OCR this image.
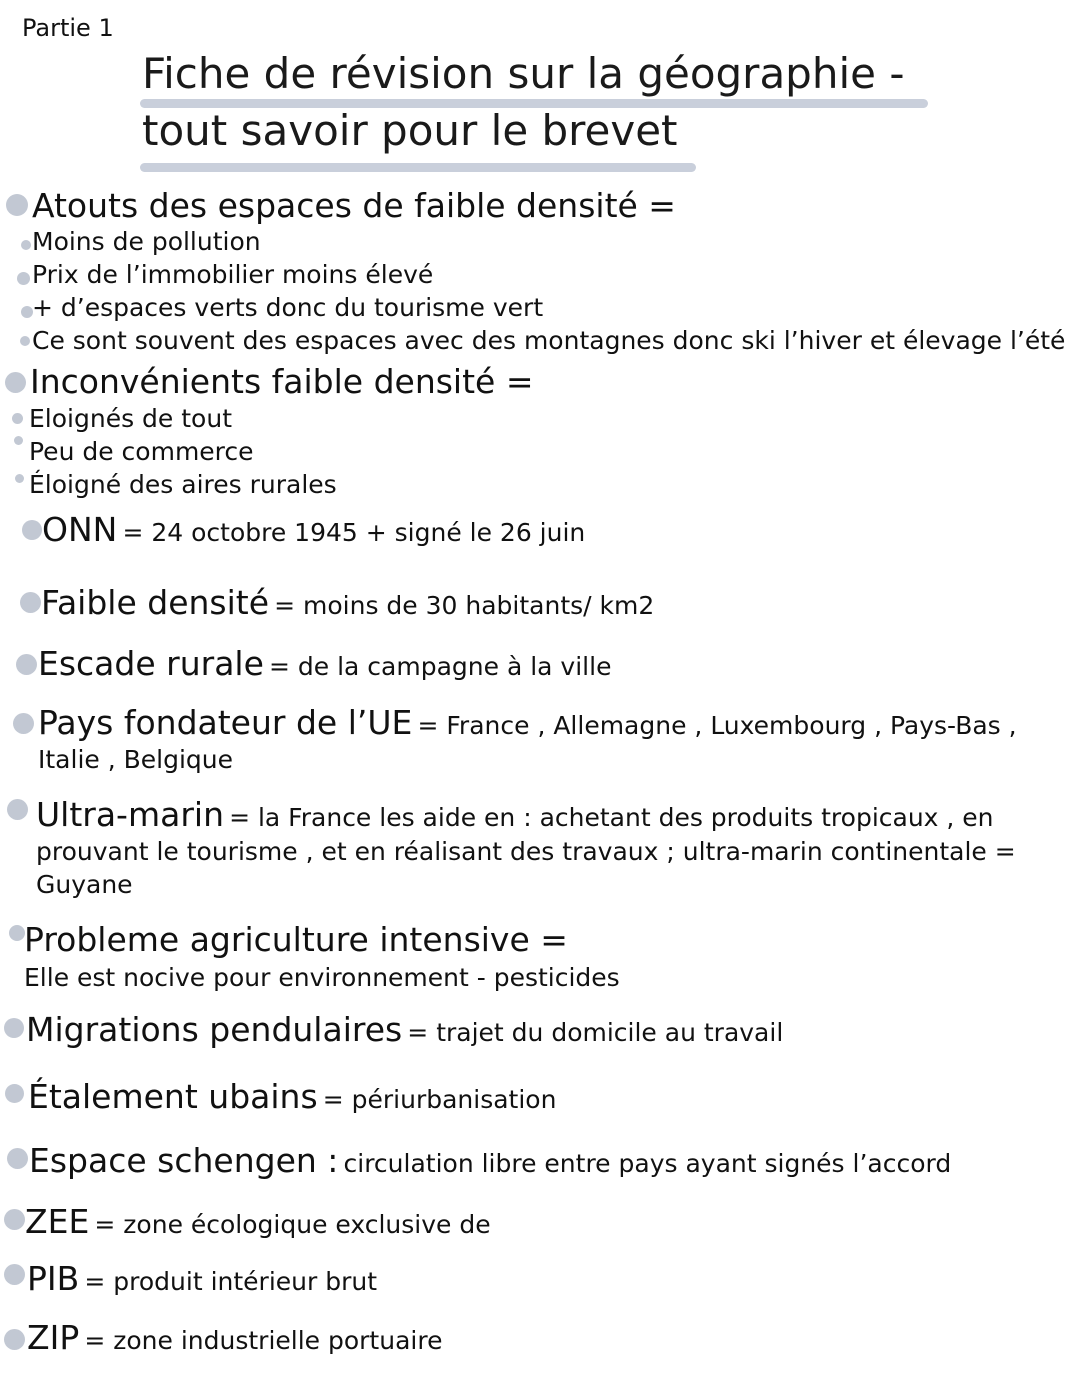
Partie 1
Fiche de révision sur la géographie -
tout savoir pour le brevet
Atouts des espaces de faible densité =
Moins de pollution
Prix de l’immobilier moins élevé
+ d’espaces verts donc du tourisme vert
Ce sont souvent des espaces avec des montagnes donc ski l’hiver et élevage l’été
Inconvénients faible densité =
Eloignés de tout
Peu de commerce
Éloigné des aires rurales
ONN = 24 octobre 1945 + signé le 26 juin
Faible densité = moins de 30 habitants/ km2
Escade rurale = de la campagne à la ville
Pays fondateur de l’UE = France , Allemagne , Luxembourg , Pays-Bas ,
Italie , Belgique
Ultra-marin = la France les aide en : achetant des produits tropicaux , en
prouvant le tourisme , et en réalisant des travaux ; ultra-marin continentale =
Guyane
Probleme agriculture intensive =
Elle est nocive pour environnement - pesticides
Migrations pendulaires = trajet du domicile au travail
Étalement ubains = périurbanisation
Espace schengen : circulation libre entre pays ayant signés l’accord
ZEE = zone écologique exclusive de
PIB = produit intérieur brut
ZIP = zone industrielle portuaire
